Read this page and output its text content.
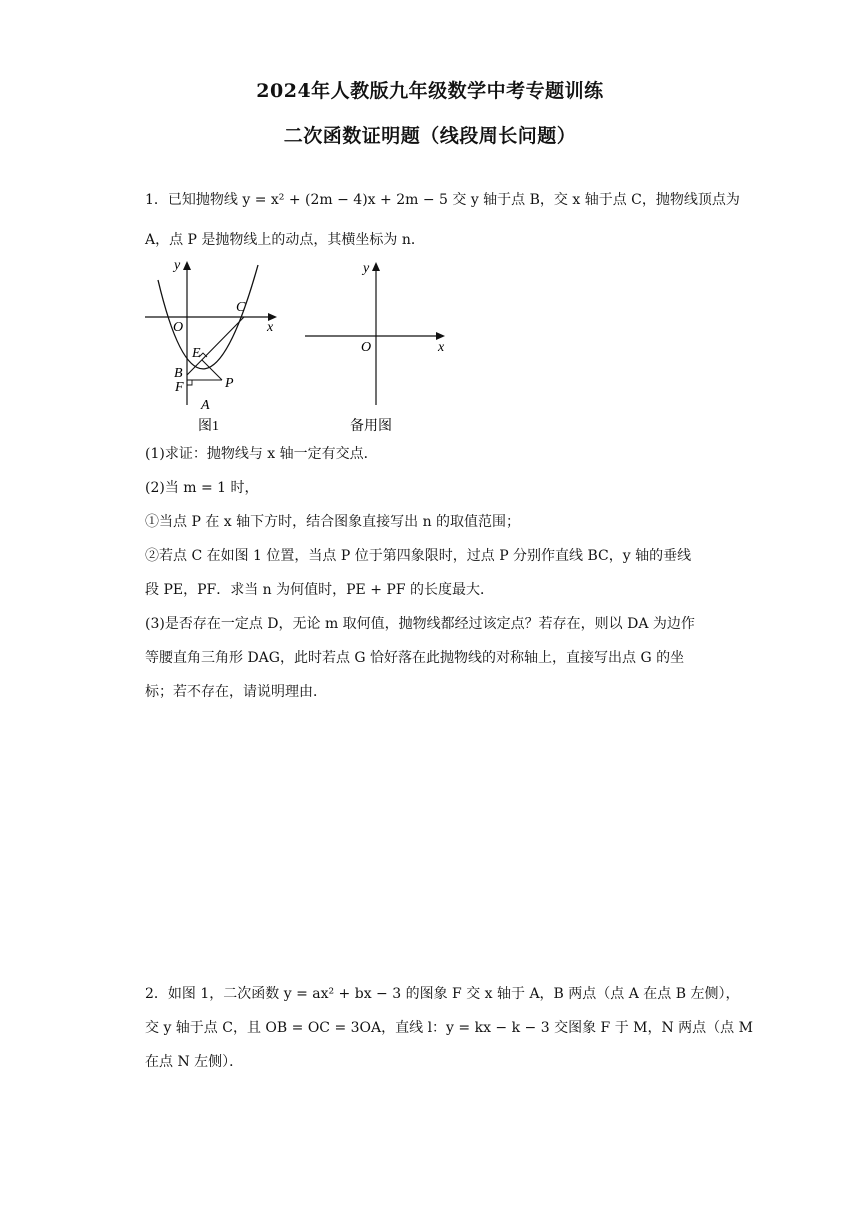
2024年人教版九年级数学中考专题训练
二次函数证明题（线段周长问题）
1．已知抛物线 y = x² + (2m − 4)x + 2m − 5 交 y 轴于点 B，交 x 轴于点 C，抛物线顶点为
A，点 P 是抛物线上的动点，其横坐标为 n．
y
x
O
C
E
B
F	P
A
图1
y
x
O
备用图
(1)求证：抛物线与 x 轴一定有交点．
(2)当 m = 1 时，
①当点 P 在 x 轴下方时，结合图象直接写出 n 的取值范围；
②若点 C 在如图 1 位置，当点 P 位于第四象限时，过点 P 分别作直线 BC，y 轴的垂线
段 PE，PF．求当 n 为何值时，PE + PF 的长度最大．
(3)是否存在一定点 D，无论 m 取何值，抛物线都经过该定点？若存在，则以 DA 为边作
等腰直角三角形 DAG，此时若点 G 恰好落在此抛物线的对称轴上，直接写出点 G 的坐
标；若不存在，请说明理由．
2．如图 1，二次函数 y = ax² + bx − 3 的图象 F 交 x 轴于 A，B 两点（点 A 在点 B 左侧），
交 y 轴于点 C，且 OB = OC = 3OA，直线 l：y = kx − k − 3 交图象 F 于 M，N 两点（点 M
在点 N 左侧）．
